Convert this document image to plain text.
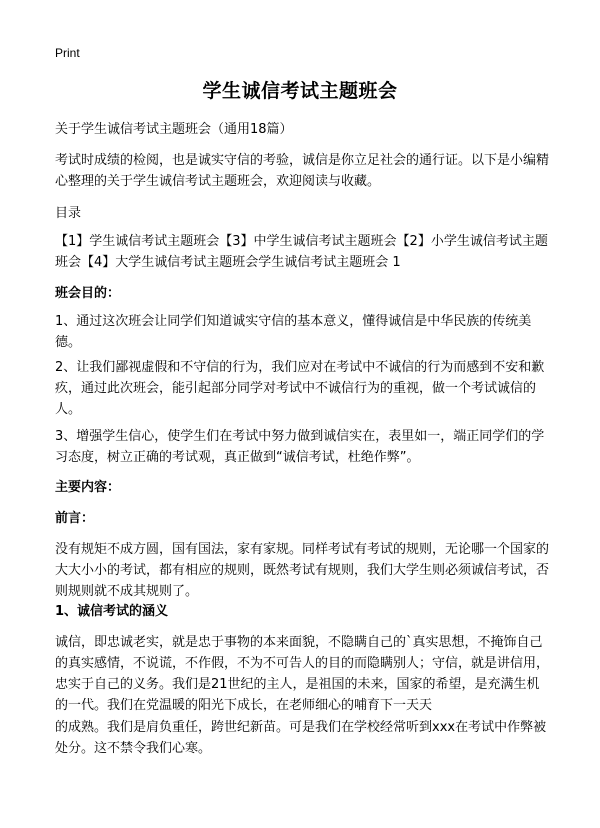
Print
学生诚信考试主题班会

关于学生诚信考试主题班会（通用18篇）

考试时成绩的检阅，也是诚实守信的考验，诚信是你立足社会的通行证。以下是小编精心整理的关于学生诚信考试主题班会，欢迎阅读与收藏。

目录

【1】学生诚信考试主题班会【3】中学生诚信考试主题班会【2】小学生诚信考试主题班会【4】大学生诚信考试主题班会学生诚信考试主题班会 1

班会目的：

1、通过这次班会让同学们知道诚实守信的基本意义，懂得诚信是中华民族的传统美德。

2、让我们鄙视虚假和不守信的行为，我们应对在考试中不诚信的行为而感到不安和歉疚，通过此次班会，能引起部分同学对考试中不诚信行为的重视，做一个考试诚信的人。

3、增强学生信心，使学生们在考试中努力做到诚信实在，表里如一，端正同学们的学习态度，树立正确的考试观，真正做到“诚信考试，杜绝作弊”。

主要内容：

前言：

没有规矩不成方圆，国有国法，家有家规。同样考试有考试的规则，无论哪一个国家的大大小小的考试，都有相应的规则，既然考试有规则，我们大学生则必须诚信考试，否则规则就不成其规则了。

1、诚信考试的涵义

诚信，即忠诚老实，就是忠于事物的本来面貌，不隐瞒自己的`真实思想，不掩饰自己的真实感情，不说谎，不作假，不为不可告人的目的而隐瞒别人；守信，就是讲信用，忠实于自己的义务。我们是21世纪的主人，是祖国的未来，国家的希望，是充满生机的一代。我们在党温暖的阳光下成长，在老师细心的哺育下一天天

的成熟。我们是肩负重任，跨世纪新苗。可是我们在学校经常听到xxx在考试中作弊被处分。这不禁令我们心寒。
